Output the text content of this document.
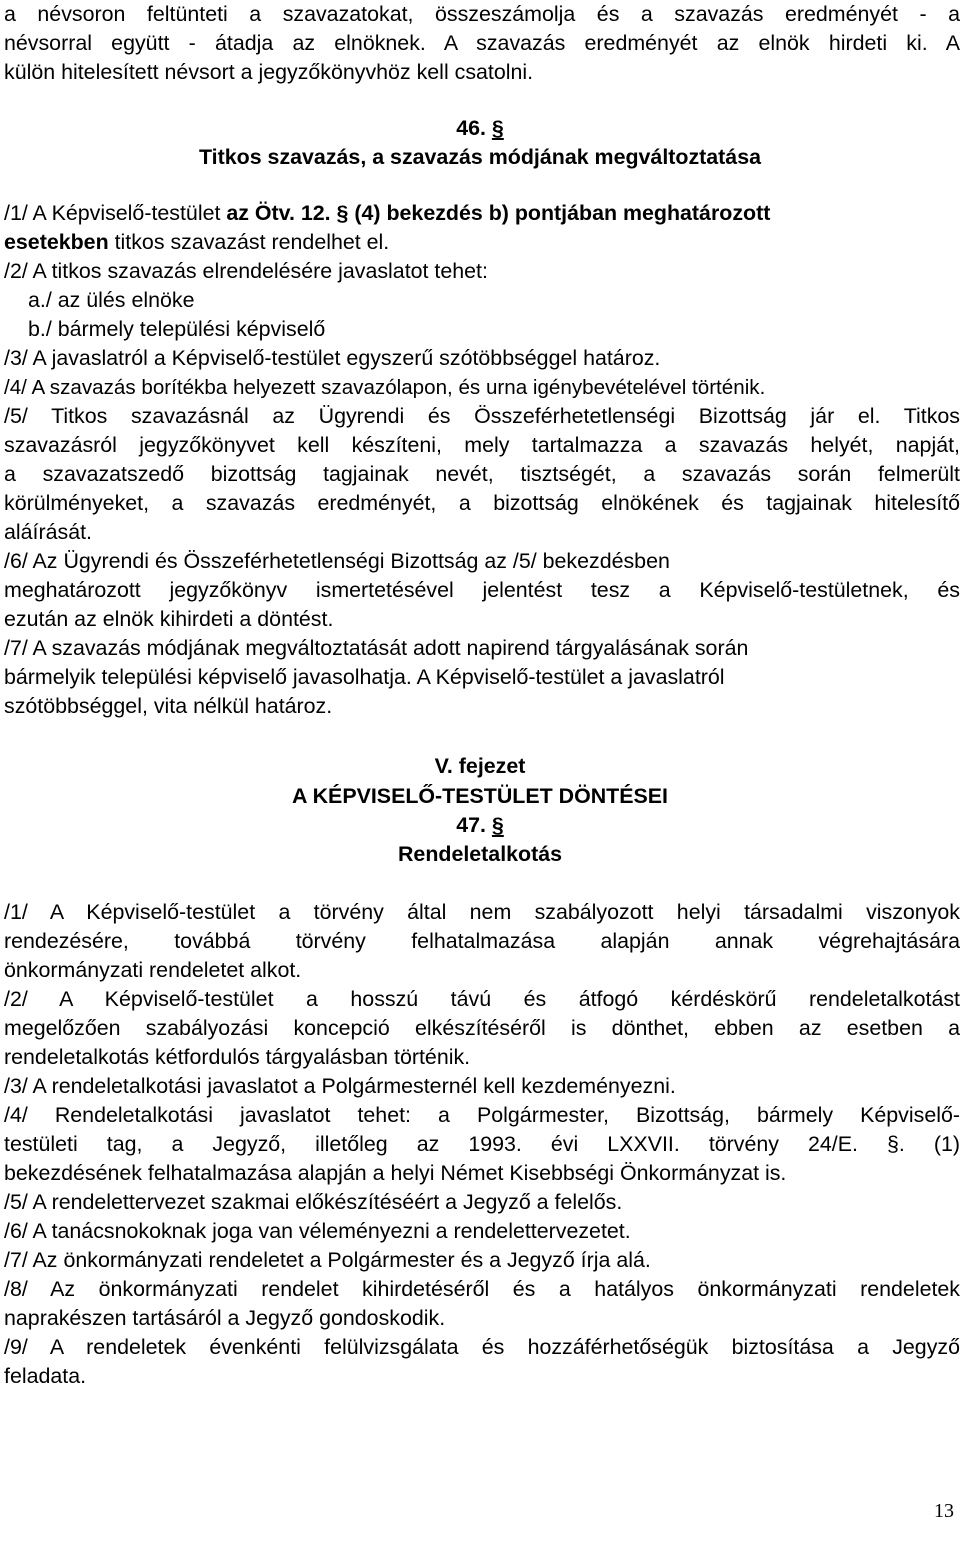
a névsoron feltünteti a szavazatokat, összeszámolja és a szavazás eredményét - a
névsorral együtt - átadja az elnöknek. A szavazás eredményét az elnök hirdeti ki. A
külön hitelesített névsort a jegyzőkönyvhöz kell csatolni.
46. §
Titkos szavazás, a szavazás módjának megváltoztatása
/1/ A Képviselő-testület az Ötv. 12. § (4) bekezdés b) pontjában meghatározott
esetekben titkos szavazást rendelhet el.
/2/ A titkos szavazás elrendelésére javaslatot tehet:
a./ az ülés elnöke
b./ bármely települési képviselő
/3/ A javaslatról a Képviselő-testület egyszerű szótöbbséggel határoz.
/4/ A szavazás borítékba helyezett szavazólapon, és urna igénybevételével történik.
/5/ Titkos szavazásnál az Ügyrendi és Összeférhetetlenségi Bizottság jár el. Titkos
szavazásról jegyzőkönyvet kell készíteni, mely tartalmazza a szavazás helyét, napját,
a szavazatszedő bizottság tagjainak nevét, tisztségét, a szavazás során felmerült
körülményeket, a szavazás eredményét, a bizottság elnökének és tagjainak hitelesítő
aláírását.
/6/ Az Ügyrendi és Összeférhetetlenségi Bizottság az /5/ bekezdésben
meghatározott jegyzőkönyv ismertetésével jelentést tesz a Képviselő-testületnek, és
ezután az elnök kihirdeti a döntést.
/7/ A szavazás módjának megváltoztatását adott napirend tárgyalásának során
bármelyik települési képviselő javasolhatja. A Képviselő-testület a javaslatról
szótöbbséggel, vita nélkül határoz.
V. fejezet
A KÉPVISELŐ-TESTÜLET DÖNTÉSEI
47. §
Rendeletalkotás
/1/ A Képviselő-testület a törvény által nem szabályozott helyi társadalmi viszonyok
rendezésére, továbbá törvény felhatalmazása alapján annak végrehajtására
önkormányzati rendeletet alkot.
/2/ A Képviselő-testület a hosszú távú és átfogó kérdéskörű rendeletalkotást
megelőzően szabályozási koncepció elkészítéséről is dönthet, ebben az esetben a
rendeletalkotás kétfordulós tárgyalásban történik.
/3/ A rendeletalkotási javaslatot a Polgármesternél kell kezdeményezni.
/4/ Rendeletalkotási javaslatot tehet: a Polgármester, Bizottság, bármely Képviselő-
testületi tag, a Jegyző, illetőleg az 1993. évi LXXVII. törvény 24/E. §. (1)
bekezdésének felhatalmazása alapján a helyi Német Kisebbségi Önkormányzat is.
/5/ A rendelettervezet szakmai előkészítéséért a Jegyző a felelős.
/6/ A tanácsnokoknak joga van véleményezni a rendelettervezetet.
/7/ Az önkormányzati rendeletet a Polgármester és a Jegyző írja alá.
/8/ Az önkormányzati rendelet kihirdetéséről és a hatályos önkormányzati rendeletek
naprakészen tartásáról a Jegyző gondoskodik.
/9/ A rendeletek évenkénti felülvizsgálata és hozzáférhetőségük biztosítása a Jegyző
feladata.
13
